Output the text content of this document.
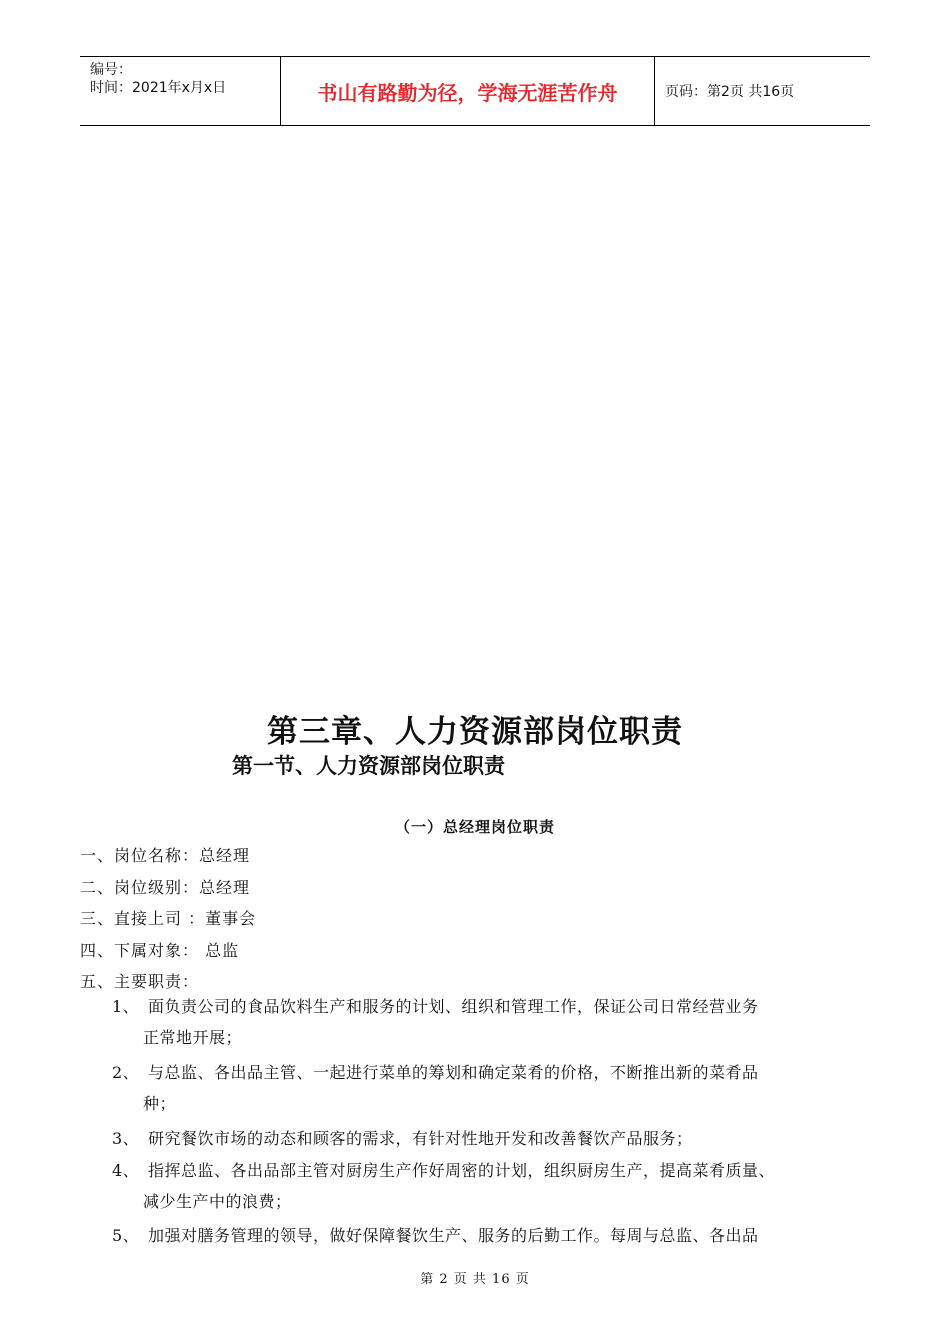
编号：
时间：2021年x月x日	书山有路勤为径，学海无涯苦作舟	页码：第2页 共16页
第三章、人力资源部岗位职责
第一节、人力资源部岗位职责
（一）总经理岗位职责
一、岗位名称：总经理
二、岗位级别：总经理
三、直接上司 ：董事会
四、下属对象： 总监
五、主要职责：
1、 面负责公司的食品饮料生产和服务的计划、组织和管理工作，保证公司日常经营业务
正常地开展；
2、 与总监、各出品主管、一起进行菜单的筹划和确定菜肴的价格，不断推出新的菜肴品
种；
3、 研究餐饮市场的动态和顾客的需求，有针对性地开发和改善餐饮产品服务；
4、 指挥总监、各出品部主管对厨房生产作好周密的计划，组织厨房生产，提高菜肴质量、
减少生产中的浪费；
5、 加强对膳务管理的领导，做好保障餐饮生产、服务的后勤工作。每周与总监、各出品
第 2 页 共 16 页
